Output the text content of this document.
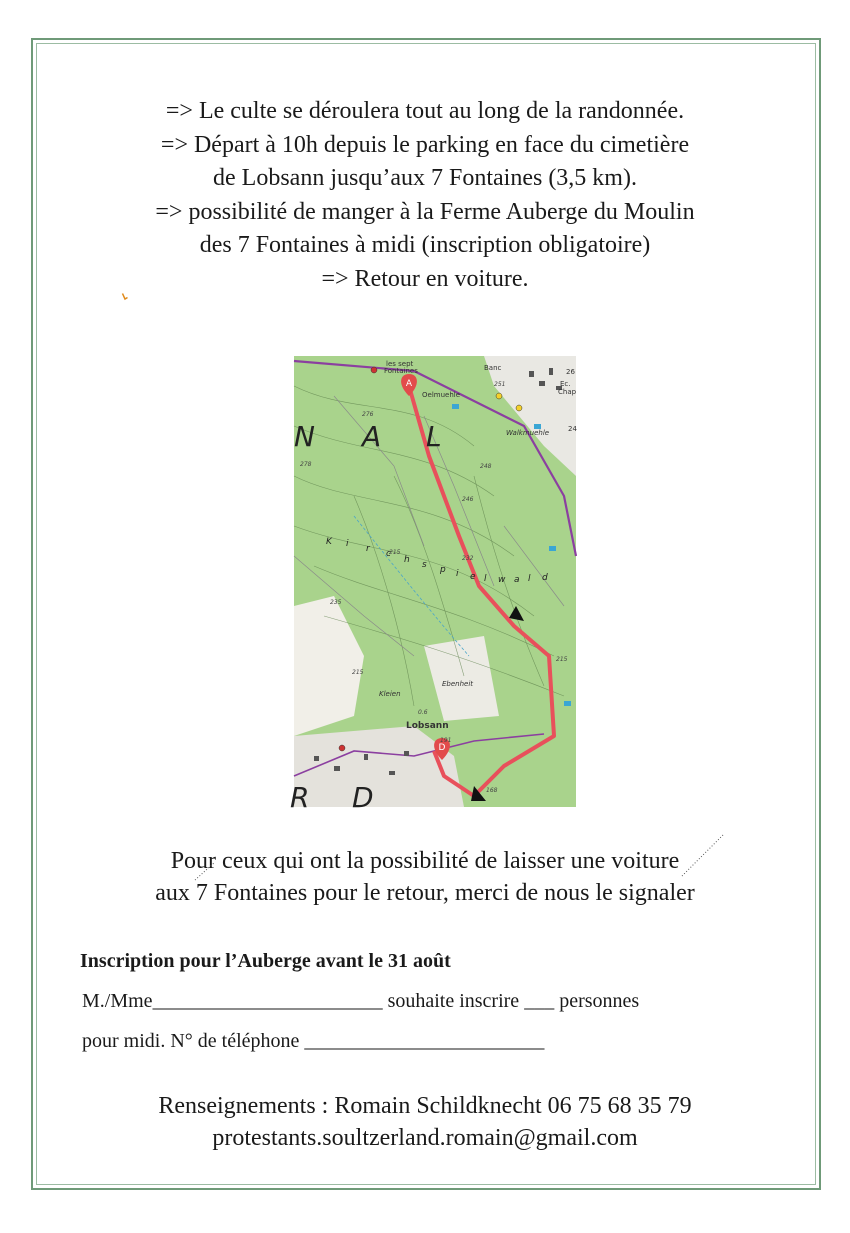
=> Le culte se déroulera tout au long de la randonnée.

=> Départ à 10h depuis le parking en face du cimetière

de Lobsann jusqu’aux 7 Fontaines (3,5 km).

=> possibilité de manger à la Ferme Auberge du Moulin

des 7 Fontaines à midi (inscription obligatoire)

=> Retour en voiture.

A
D
les sept
Fontaines
Oelmuehle
Walkmuehle
Banc
Ec.
Chap
26
24
Ebenheit
Kleien
Lobsann
276
278
251
248
246
215
232
235
215
215
191
168
0.6
N A L
R D
K i r c
h s p i e l w a l d

Pour ceux qui ont la possibilité de laisser une voiture

aux 7 Fontaines pour le retour, merci de nous le signaler

Inscription pour l’Auberge avant le 31 août
M./Mme_______________________ souhaite inscrire ___ personnes
pour midi. N° de téléphone ________________________

Renseignements : Romain Schildknecht 06 75 68 35 79

protestants.soultzerland.romain@gmail.com
